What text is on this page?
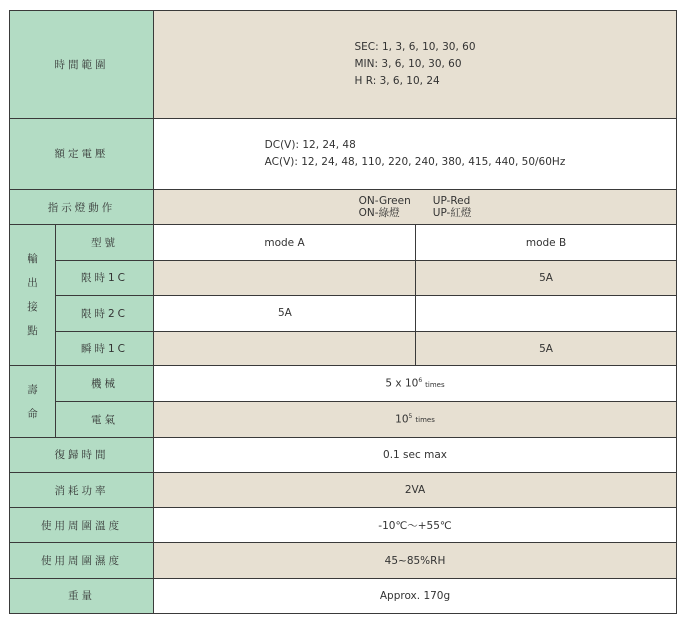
時間範圍		SEC: 1, 3, 6, 10, 30, 60
MIN: 3, 6, 10, 30, 60
H R: 3, 6, 10, 24	

額定電壓		DC(V): 12, 24, 48
AC(V): 12, 24, 48, 110, 220, 240, 380, 415, 440, 50/60Hz	

指示燈動作		ON-Green UP-Red
ON-綠燈 UP-紅燈	

輸
出
接
點	型號	mode A	mode B
	限時1C		5A
	限時2C	5A	

	瞬時1C		5A

壽
命	機械	5 x $10^6$ times	
	電氣	$10^5$ times	
復歸時間		0.1 sec max	
消耗功率		2VA	
使用周圍溫度		-10℃～+55℃	
使用周圍濕度		45~85%RH	
重量		Approx. 170g	
